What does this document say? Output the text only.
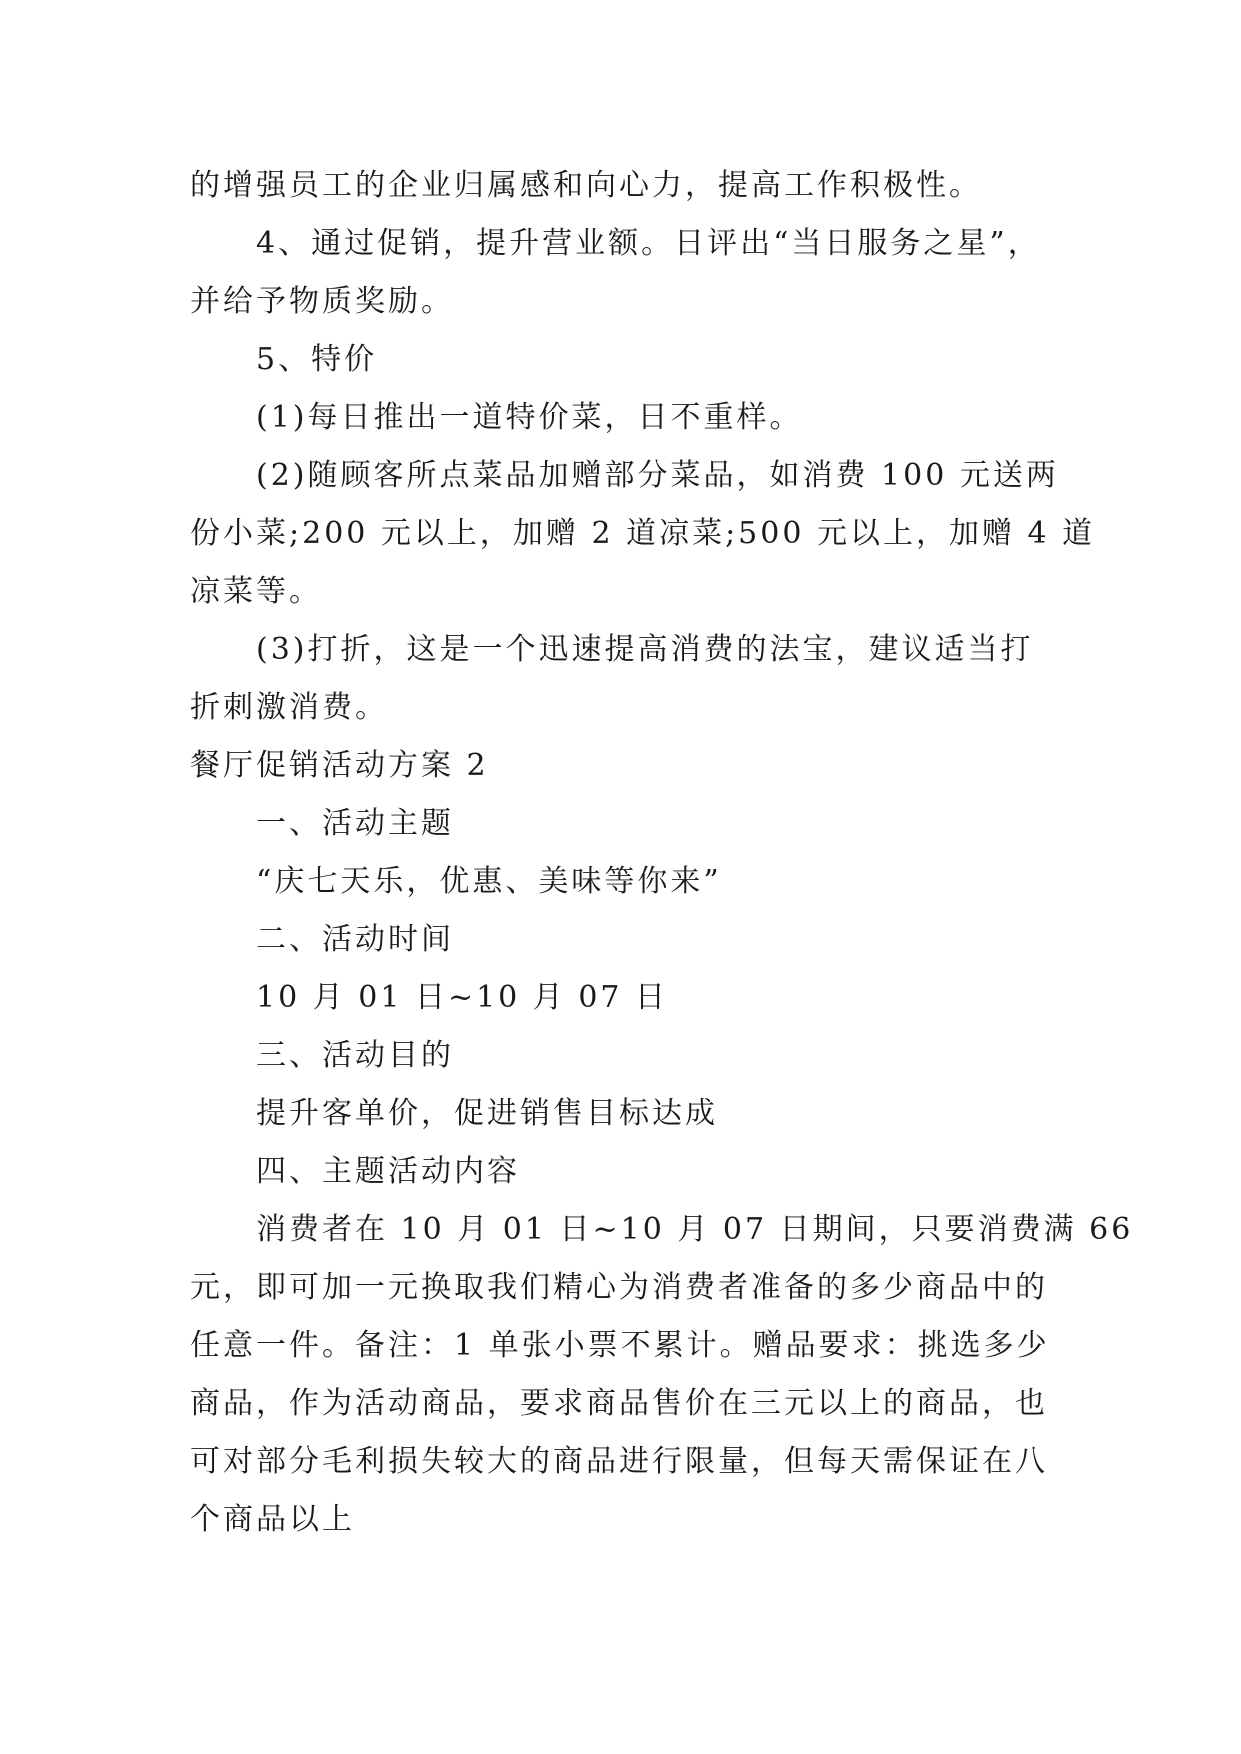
的增强员工的企业归属感和向心力，提高工作积极性。
4、通过促销，提升营业额。日评出“当日服务之星”，
并给予物质奖励。
5、特价
(1)每日推出一道特价菜，日不重样。
(2)随顾客所点菜品加赠部分菜品，如消费 100 元送两
份小菜;200 元以上，加赠 2 道凉菜;500 元以上，加赠 4 道
凉菜等。
(3)打折，这是一个迅速提高消费的法宝，建议适当打
折刺激消费。
餐厅促销活动方案 2
一、活动主题
“庆七天乐，优惠、美味等你来”
二、活动时间
10 月 01 日~10 月 07 日
三、活动目的
提升客单价，促进销售目标达成
四、主题活动内容
消费者在 10 月 01 日~10 月 07 日期间，只要消费满 66
元，即可加一元换取我们精心为消费者准备的多少商品中的
任意一件。备注：1 单张小票不累计。赠品要求：挑选多少
商品，作为活动商品，要求商品售价在三元以上的商品，也
可对部分毛利损失较大的商品进行限量，但每天需保证在八
个商品以上
